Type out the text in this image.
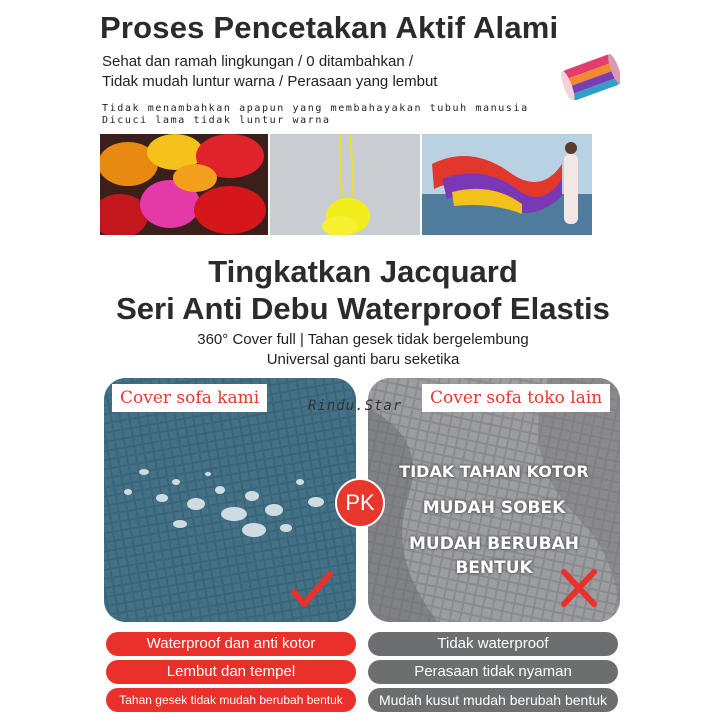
Proses Pencetakan Aktif Alami
Sehat dan ramah lingkungan / 0 ditambahkan /
Tidak mudah luntur warna / Perasaan yang lembut
Tidak menambahkan apapun yang membahayakan tubuh manusia
Dicuci lama tidak luntur warna
Tingkatkan Jacquard
Seri Anti Debu Waterproof Elastis
360° Cover full | Tahan gesek tidak bergelembung
Universal ganti baru seketika
Cover sofa kami	Cover sofa toko lain
TIDAK TAHAN KOTOR
MUDAH SOBEK
MUDAH BERUBAH
BENTUK
Rindu.Star
PK
Waterproof dan anti kotor
Lembut dan tempel
Tahan gesek tidak mudah berubah bentuk
Tidak waterproof
Perasaan tidak nyaman
Mudah kusut mudah berubah bentuk
